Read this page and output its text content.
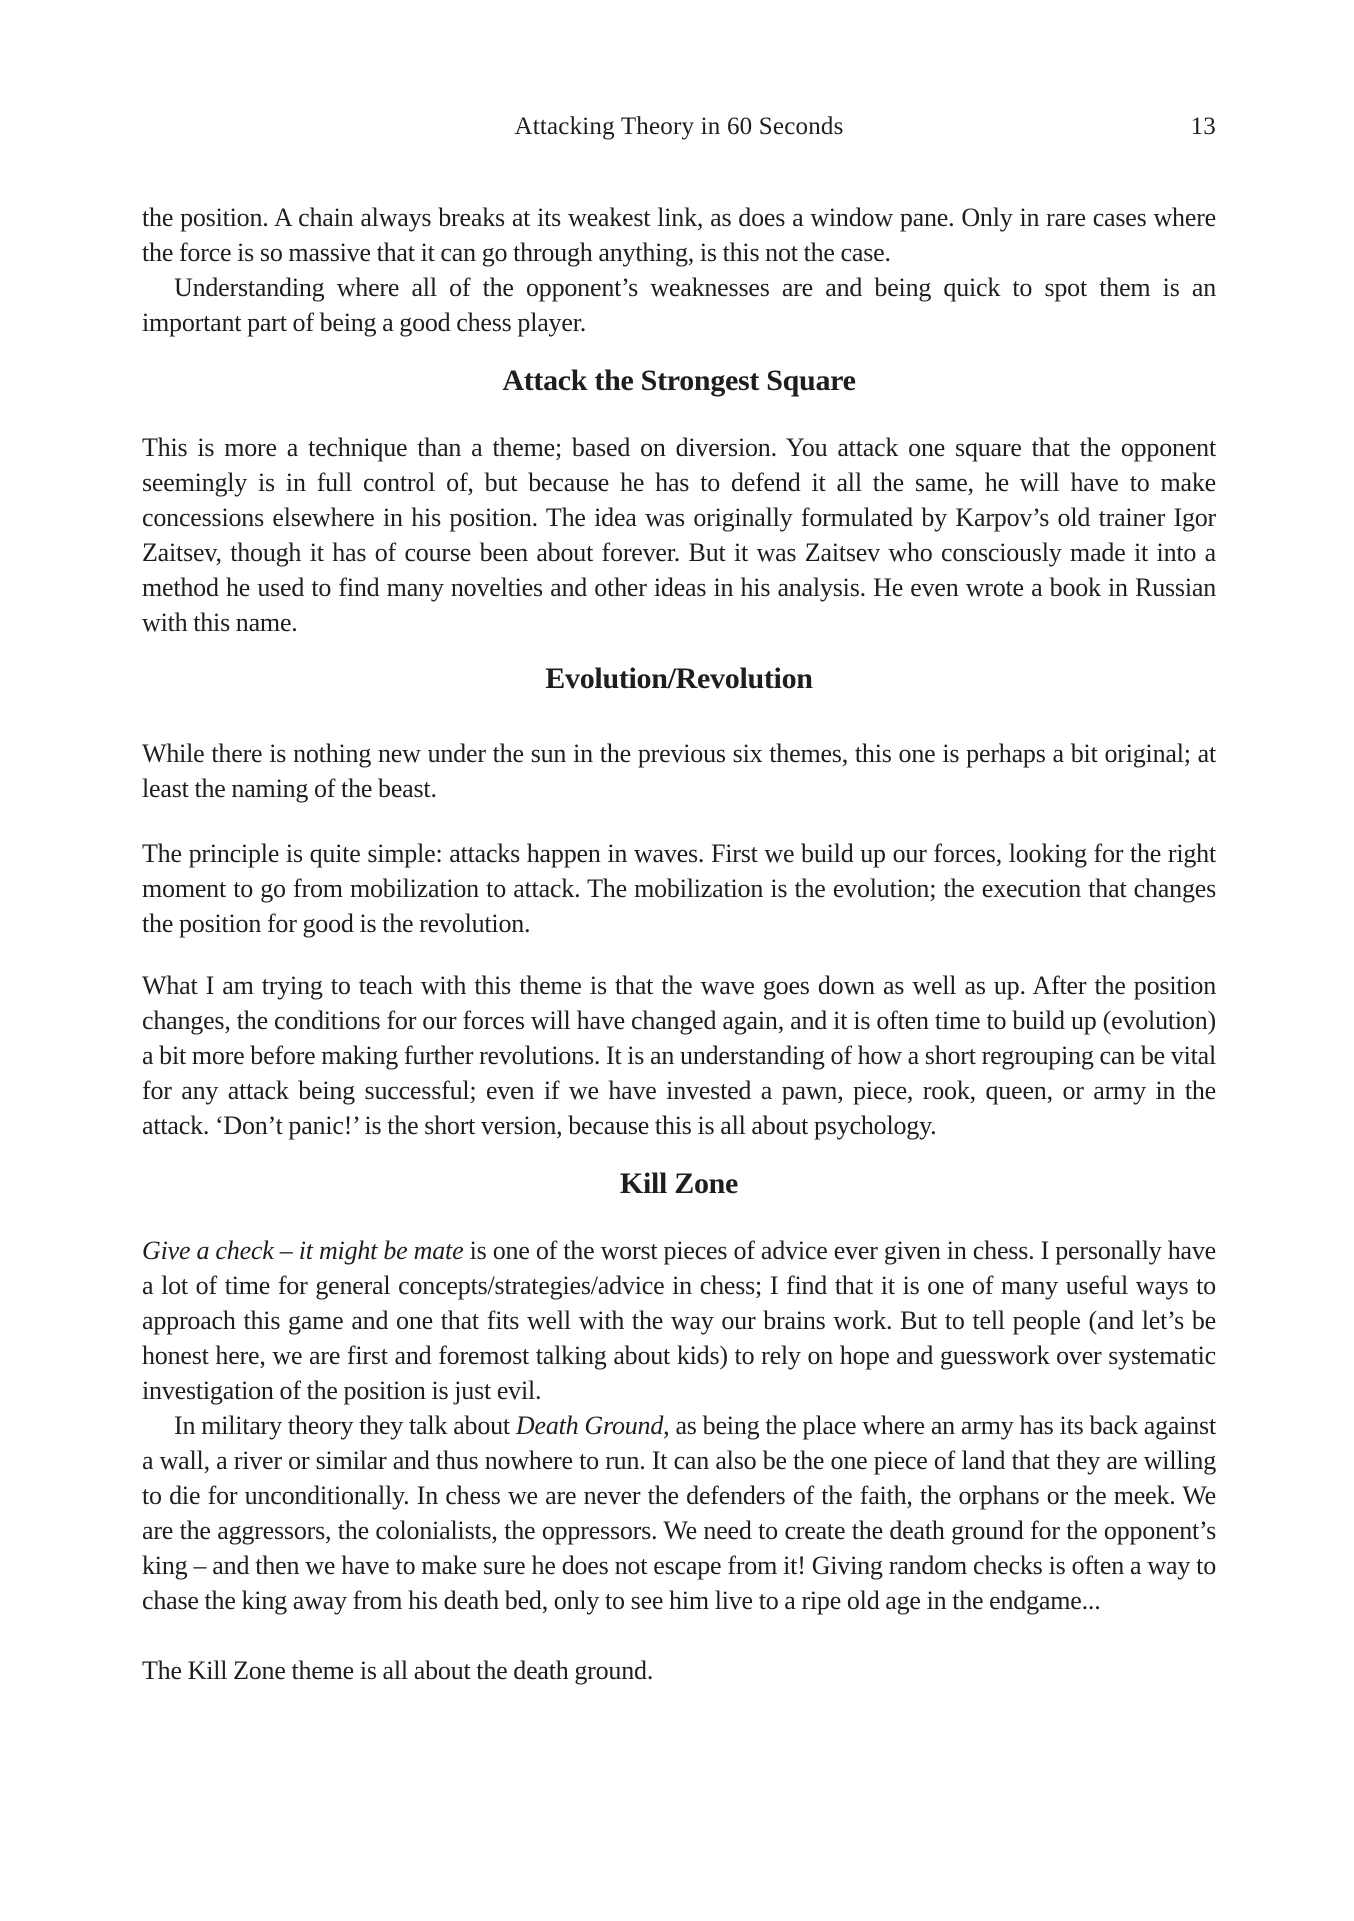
Attacking Theory in 60 Seconds	13

the position. A chain always breaks at its weakest link, as does a window pane. Only in rare cases where the force is so massive that it can go through anything, is this not the case.

Understanding where all of the opponent’s weaknesses are and being quick to spot them is an important part of being a good chess player.

Attack the Strongest Square

This is more a technique than a theme; based on diversion. You attack one square that the opponent seemingly is in full control of, but because he has to defend it all the same, he will have to make concessions elsewhere in his position. The idea was originally formulated by Karpov’s old trainer Igor Zaitsev, though it has of course been about forever. But it was Zaitsev who consciously made it into a method he used to find many novelties and other ideas in his analysis. He even wrote a book in Russian with this name.

Evolution/Revolution

While there is nothing new under the sun in the previous six themes, this one is perhaps a bit original; at least the naming of the beast.

The principle is quite simple: attacks happen in waves. First we build up our forces, looking for the right moment to go from mobilization to attack. The mobilization is the evolution; the execution that changes the position for good is the revolution.

What I am trying to teach with this theme is that the wave goes down as well as up. After the position changes, the conditions for our forces will have changed again, and it is often time to build up (evolution) a bit more before making further revolutions. It is an understanding of how a short regrouping can be vital for any attack being successful; even if we have invested a pawn, piece, rook, queen, or army in the attack. ‘Don’t panic!’ is the short version, because this is all about psychology.

Kill Zone

Give a check – it might be mate is one of the worst pieces of advice ever given in chess. I personally have a lot of time for general concepts/strategies/advice in chess; I find that it is one of many useful ways to approach this game and one that fits well with the way our brains work. But to tell people (and let’s be honest here, we are first and foremost talking about kids) to rely on hope and guesswork over systematic investigation of the position is just evil.

In military theory they talk about Death Ground, as being the place where an army has its back against a wall, a river or similar and thus nowhere to run. It can also be the one piece of land that they are willing to die for unconditionally. In chess we are never the defenders of the faith, the orphans or the meek. We are the aggressors, the colonialists, the oppressors. We need to create the death ground for the opponent’s king – and then we have to make sure he does not escape from it! Giving random checks is often a way to chase the king away from his death bed, only to see him live to a ripe old age in the endgame...

The Kill Zone theme is all about the death ground.
